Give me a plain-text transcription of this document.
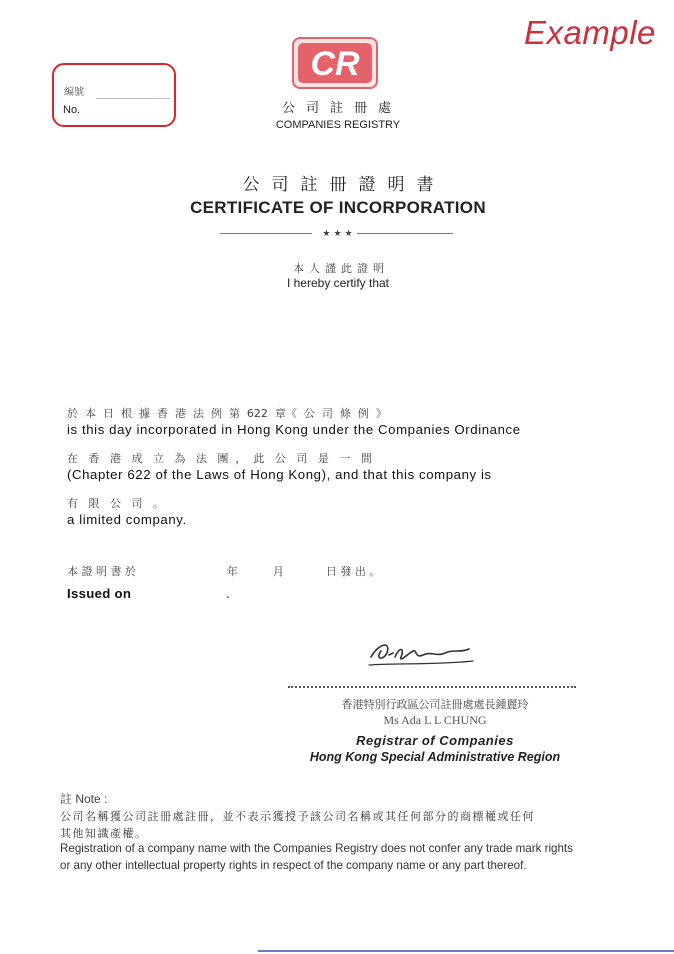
Example
編號
No.
CR
公司註冊處
COMPANIES REGISTRY
公司註冊證明書
CERTIFICATE OF INCORPORATION
★★★
本人謹此證明
I hereby certify that
於  本  日  根  據  香  港  法  例  第  622  章《  公  司  條  例  》
is this day incorporated in Hong Kong under the Companies Ordinance
在   香   港   成   立   為   法   團  ，  此   公   司   是   一   間
(Chapter 622 of the Laws of Hong Kong), and that this company is
有   限   公   司   。
a limited company.
本 證 明 書 於                          年          月            日 發 出 。
Issued on	.
香港特別行政區公司註冊處處長鍾麗玲
Ms Ada L L CHUNG
Registrar of Companies
Hong Kong Special Administrative Region
註 Note :
公司名稱獲公司註冊處註冊，並不表示獲授予該公司名稱或其任何部分的商標權或任何
其他知識產權。
Registration of a company name with the Companies Registry does not confer any trade mark rights
or any other intellectual property rights in respect of the company name or any part thereof.
